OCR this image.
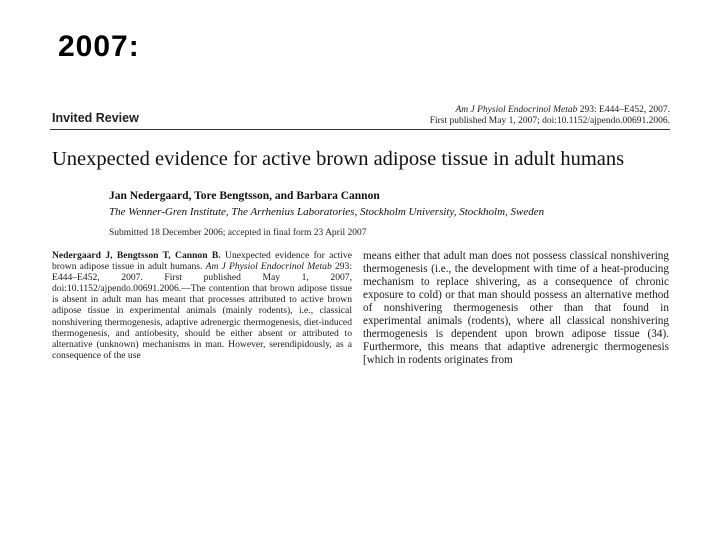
2007:
Invited Review
Am J Physiol Endocrinol Metab 293: E444–E452, 2007.
First published May 1, 2007; doi:10.1152/ajpendo.00691.2006.
Unexpected evidence for active brown adipose tissue in adult humans
Jan Nedergaard, Tore Bengtsson, and Barbara Cannon
The Wenner-Gren Institute, The Arrhenius Laboratories, Stockholm University, Stockholm, Sweden
Submitted 18 December 2006; accepted in final form 23 April 2007
Nedergaard J, Bengtsson T, Cannon B. Unexpected evidence for active brown adipose tissue in adult humans. Am J Physiol Endocrinol Metab 293: E444–E452, 2007. First published May 1, 2007, doi:10.1152/ajpendo.00691.2006.—The contention that brown adipose tissue is absent in adult man has meant that processes attributed to active brown adipose tissue in experimental animals (mainly rodents), i.e., classical nonshivering thermogenesis, adaptive adrenergic thermogenesis, diet-induced thermogenesis, and antiobesity, should be either absent or attributed to alternative (unknown) mechanisms in man. However, serendipidously, as a consequence of the use
means either that adult man does not possess classical nonshivering thermogenesis (i.e., the development with time of a heat-producing mechanism to replace shivering, as a consequence of chronic exposure to cold) or that man should possess an alternative method of nonshivering thermogenesis other than that found in experimental animals (rodents), where all classical nonshivering thermogenesis is dependent upon brown adipose tissue (34). Furthermore, this means that adaptive adrenergic thermogenesis [which in rodents originates from
